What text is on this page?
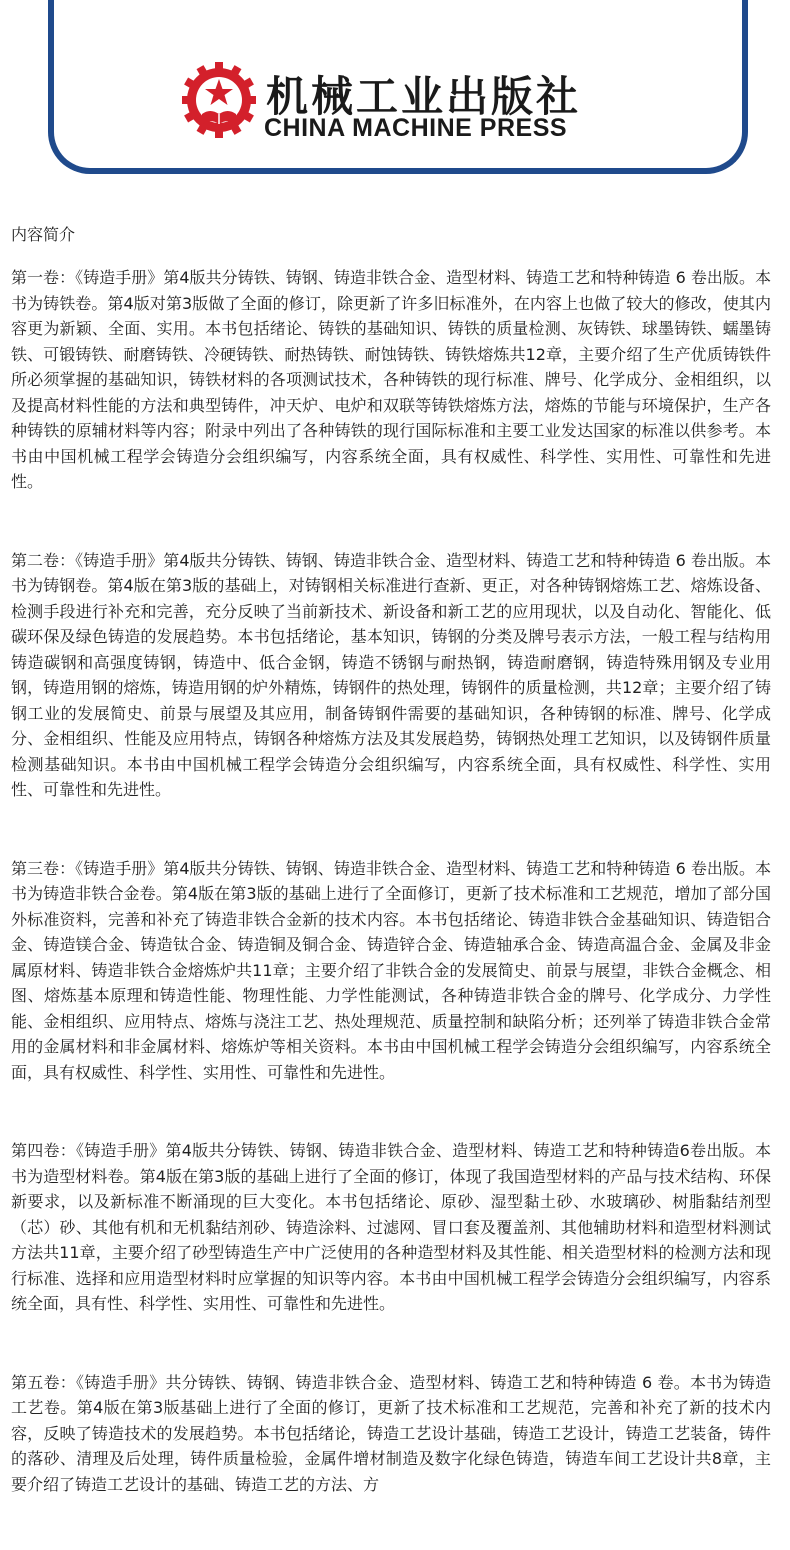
机械工业出版社
CHINA MACHINE PRESS
内容简介

第一卷：《铸造手册》第4版共分铸铁、铸钢、铸造非铁合金、造型材料、铸造工艺和特种铸造 6 卷出版。本书为铸铁卷。第4版对第3版做了全面的修订，除更新了许多旧标准外，在内容上也做了较大的修改，使其内容更为新颖、全面、实用。本书包括绪论、铸铁的基础知识、铸铁的质量检测、灰铸铁、球墨铸铁、蠕墨铸铁、可锻铸铁、耐磨铸铁、冷硬铸铁、耐热铸铁、耐蚀铸铁、铸铁熔炼共12章，主要介绍了生产优质铸铁件所必须掌握的基础知识，铸铁材料的各项测试技术，各种铸铁的现行标准、牌号、化学成分、金相组织，以及提高材料性能的方法和典型铸件，冲天炉、电炉和双联等铸铁熔炼方法，熔炼的节能与环境保护，生产各种铸铁的原辅材料等内容；附录中列出了各种铸铁的现行国际标准和主要工业发达国家的标准以供参考。本书由中国机械工程学会铸造分会组织编写，内容系统全面，具有权威性、科学性、实用性、可靠性和先进性。

第二卷：《铸造手册》第4版共分铸铁、铸钢、铸造非铁合金、造型材料、铸造工艺和特种铸造 6 卷出版。本书为铸钢卷。第4版在第3版的基础上，对铸钢相关标准进行查新、更正，对各种铸钢熔炼工艺、熔炼设备、检测手段进行补充和完善，充分反映了当前新技术、新设备和新工艺的应用现状，以及自动化、智能化、低碳环保及绿色铸造的发展趋势。本书包括绪论，基本知识，铸钢的分类及牌号表示方法，一般工程与结构用铸造碳钢和高强度铸钢，铸造中、低合金钢，铸造不锈钢与耐热钢，铸造耐磨钢，铸造特殊用钢及专业用钢，铸造用钢的熔炼，铸造用钢的炉外精炼，铸钢件的热处理，铸钢件的质量检测，共12章；主要介绍了铸钢工业的发展简史、前景与展望及其应用，制备铸钢件需要的基础知识，各种铸钢的标准、牌号、化学成分、金相组织、性能及应用特点，铸钢各种熔炼方法及其发展趋势，铸钢热处理工艺知识，以及铸钢件质量检测基础知识。本书由中国机械工程学会铸造分会组织编写，内容系统全面，具有权威性、科学性、实用性、可靠性和先进性。

第三卷：《铸造手册》第4版共分铸铁、铸钢、铸造非铁合金、造型材料、铸造工艺和特种铸造 6 卷出版。本书为铸造非铁合金卷。第4版在第3版的基础上进行了全面修订，更新了技术标准和工艺规范，增加了部分国外标准资料，完善和补充了铸造非铁合金新的技术内容。本书包括绪论、铸造非铁合金基础知识、铸造铝合金、铸造镁合金、铸造钛合金、铸造铜及铜合金、铸造锌合金、铸造轴承合金、铸造高温合金、金属及非金属原材料、铸造非铁合金熔炼炉共11章；主要介绍了非铁合金的发展简史、前景与展望，非铁合金概念、相图、熔炼基本原理和铸造性能、物理性能、力学性能测试，各种铸造非铁合金的牌号、化学成分、力学性能、金相组织、应用特点、熔炼与浇注工艺、热处理规范、质量控制和缺陷分析；还列举了铸造非铁合金常用的金属材料和非金属材料、熔炼炉等相关资料。本书由中国机械工程学会铸造分会组织编写，内容系统全面，具有权威性、科学性、实用性、可靠性和先进性。

第四卷：《铸造手册》第4版共分铸铁、铸钢、铸造非铁合金、造型材料、铸造工艺和特种铸造6卷出版。本书为造型材料卷。第4版在第3版的基础上进行了全面的修订，体现了我国造型材料的产品与技术结构、环保新要求，以及新标准不断涌现的巨大变化。本书包括绪论、原砂、湿型黏土砂、水玻璃砂、树脂黏结剂型（芯）砂、其他有机和无机黏结剂砂、铸造涂料、过滤网、冒口套及覆盖剂、其他辅助材料和造型材料测试方法共11章，主要介绍了砂型铸造生产中广泛使用的各种造型材料及其性能、相关造型材料的检测方法和现行标准、选择和应用造型材料时应掌握的知识等内容。本书由中国机械工程学会铸造分会组织编写，内容系统全面，具有性、科学性、实用性、可靠性和先进性。

第五卷：《铸造手册》共分铸铁、铸钢、铸造非铁合金、造型材料、铸造工艺和特种铸造 6 卷。本书为铸造工艺卷。第4版在第3版基础上进行了全面的修订，更新了技术标准和工艺规范，完善和补充了新的技术内容，反映了铸造技术的发展趋势。本书包括绪论，铸造工艺设计基础，铸造工艺设计，铸造工艺装备，铸件的落砂、清理及后处理，铸件质量检验，金属件增材制造及数字化绿色铸造，铸造车间工艺设计共8章，主要介绍了铸造工艺设计的基础、铸造工艺的方法、方
